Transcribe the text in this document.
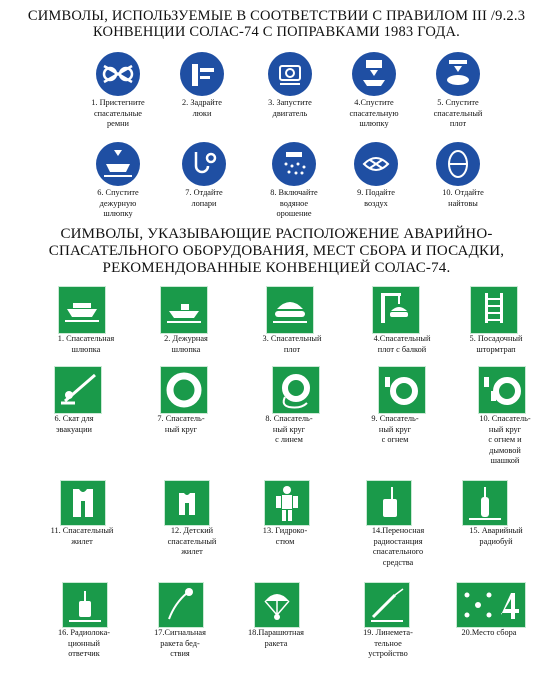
СИМВОЛЫ, ИСПОЛЬЗУЕМЫЕ В СООТВЕТСТВИИ С ПРАВИЛОМ III /9.2.3
КОНВЕНЦИИ СОЛАС-74 С ПОПРАВКАМИ 1983 ГОДА.
СИМВОЛЫ, УКАЗЫВАЮЩИЕ РАСПОЛОЖЕНИЕ АВАРИЙНО-
СПАСАТЕЛЬНОГО ОБОРУДОВАНИЯ, МЕСТ СБОРА И ПОСАДКИ,
РЕКОМЕНДОВАННЫЕ КОНВЕНЦИЕЙ СОЛАС-74.
1. Пристегните
спасательные
ремни
2. Задрайте
люки
3. Запустите
двигатель
4.Спустите
спасательную
шлюпку
5. Спустите
спасательный
плот
6. Спустите
дежурную
шлюпку
7. Отдайте
лопари
8. Включайте
водяное
орошение
9. Подайте
воздух
10. Отдайте
найтовы
1. Спасательная
шлюпка
2. Дежурная
шлюпка
3. Спасательный
плот
4.Спасательный
плот с балкой
5. Посадочный
штормтрап
6. Скат для
эвакуации
7. Спасатель-
ный круг
8. Спасатель-
ный круг
с линем
9. Спасатель-
ный круг
с огнем
10. Спасатель-
ный круг
с огнем и
дымовой
шашкой
11. Спасательный
жилет
12. Детский
спасательный
жилет
13. Гидроко-
стюм
14.Переносная
радиостанция
спасательного
средства
15. Аварийный
радиобуй
16. Радиолока-
ционный
ответчик
17.Сигнальная
ракета бед-
ствия
18.Парашютная
ракета
19. Линемета-
тельное
устройство
20.Место сбора
